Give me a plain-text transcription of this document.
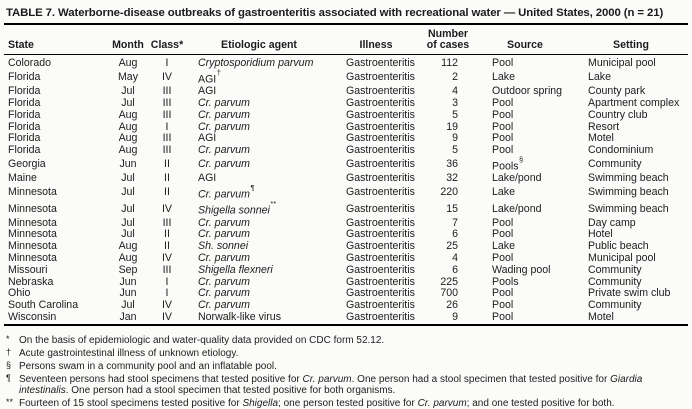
TABLE 7. Waterborne-disease outbreaks of gastroenteritis associated with recreational water — United States, 2000 (n = 21)
State	Month	Class*	Etiologic agent	Illness	Number
of cases	Source	Setting
Colorado	Aug	I	Cryptosporidium parvum	Gastroenteritis	112	Pool	Municipal pool
Florida	May	IV	AGI†	Gastroenteritis	2	Lake	Lake
Florida	Jul	III	AGI	Gastroenteritis	4	Outdoor spring	County park
Florida	Jul	III	Cr. parvum	Gastroenteritis	3	Pool	Apartment complex
Florida	Aug	III	Cr. parvum	Gastroenteritis	5	Pool	Country club
Florida	Aug	I	Cr. parvum	Gastroenteritis	19	Pool	Resort
Florida	Aug	III	AGI	Gastroenteritis	9	Pool	Motel
Florida	Aug	III	Cr. parvum	Gastroenteritis	5	Pool	Condominium
Georgia	Jun	II	Cr. parvum	Gastroenteritis	36	Pools§	Community
Maine	Jul	II	AGI	Gastroenteritis	32	Lake/pond	Swimming beach
Minnesota	Jul	II	Cr. parvum¶	Gastroenteritis	220	Lake	Swimming beach
Minnesota	Jul	IV	Shigella sonnei**	Gastroenteritis	15	Lake/pond	Swimming beach
Minnesota	Jul	III	Cr. parvum	Gastroenteritis	7	Pool	Day camp
Minnesota	Jul	II	Cr. parvum	Gastroenteritis	6	Pool	Hotel
Minnesota	Aug	II	Sh. sonnei	Gastroenteritis	25	Lake	Public beach
Minnesota	Aug	IV	Cr. parvum	Gastroenteritis	4	Pool	Municipal pool
Missouri	Sep	III	Shigella flexneri	Gastroenteritis	6	Wading pool	Community
Nebraska	Jun	I	Cr. parvum	Gastroenteritis	225	Pools	Community
Ohio	Jun	I	Cr. parvum	Gastroenteritis	700	Pool	Private swim club
South Carolina	Jul	IV	Cr. parvum	Gastroenteritis	26	Pool	Community
Wisconsin	Jan	IV	Norwalk-like virus	Gastroenteritis	9	Pool	Motel
* On the basis of epidemiologic and water-quality data provided on CDC form 52.12.
† Acute gastrointestinal illness of unknown etiology.
§ Persons swam in a community pool and an inflatable pool.
¶ Seventeen persons had stool specimens that tested positive for Cr. parvum. One person had a stool specimen that tested positive for Giardia intestinalis. One person had a stool specimen that tested positive for both organisms.
** Fourteen of 15 stool specimens tested positive for Shigella; one person tested positive for Cr. parvum; and one tested positive for both.
